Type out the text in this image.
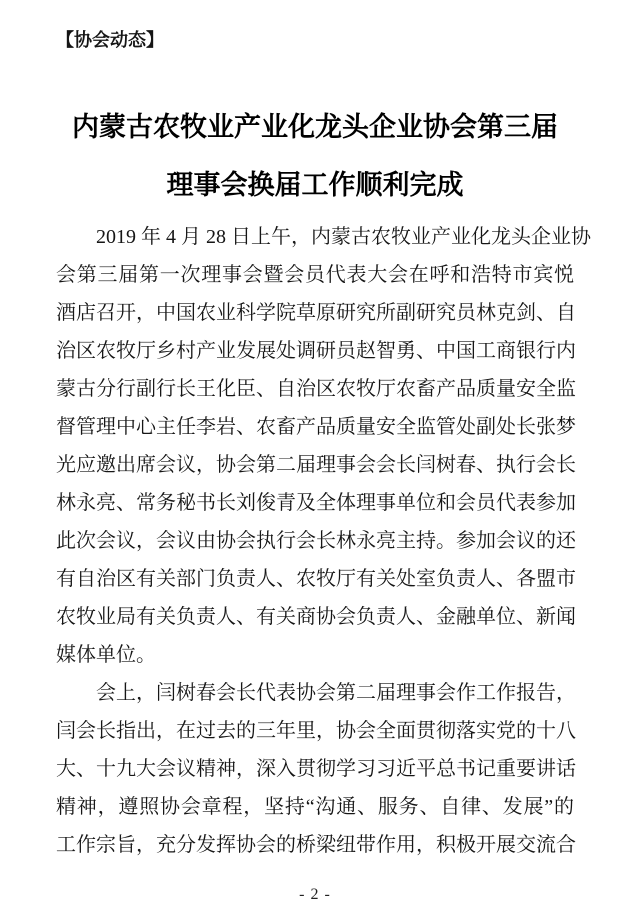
【协会动态】
内蒙古农牧业产业化龙头企业协会第三届
理事会换届工作顺利完成
2019 年 4 月 28 日上午，内蒙古农牧业产业化龙头企业协
会第三届第一次理事会暨会员代表大会在呼和浩特市宾悦
酒店召开，中国农业科学院草原研究所副研究员林克剑、自
治区农牧厅乡村产业发展处调研员赵智勇、中国工商银行内
蒙古分行副行长王化臣、自治区农牧厅农畜产品质量安全监
督管理中心主任李岩、农畜产品质量安全监管处副处长张梦
光应邀出席会议，协会第二届理事会会长闫树春、执行会长
林永亮、常务秘书长刘俊青及全体理事单位和会员代表参加
此次会议，会议由协会执行会长林永亮主持。参加会议的还
有自治区有关部门负责人、农牧厅有关处室负责人、各盟市
农牧业局有关负责人、有关商协会负责人、金融单位、新闻
媒体单位。
会上，闫树春会长代表协会第二届理事会作工作报告，
闫会长指出，在过去的三年里，协会全面贯彻落实党的十八
大、十九大会议精神，深入贯彻学习习近平总书记重要讲话
精神，遵照协会章程，坚持“沟通、服务、自律、发展”的
工作宗旨，充分发挥协会的桥梁纽带作用，积极开展交流合
- 2 -
